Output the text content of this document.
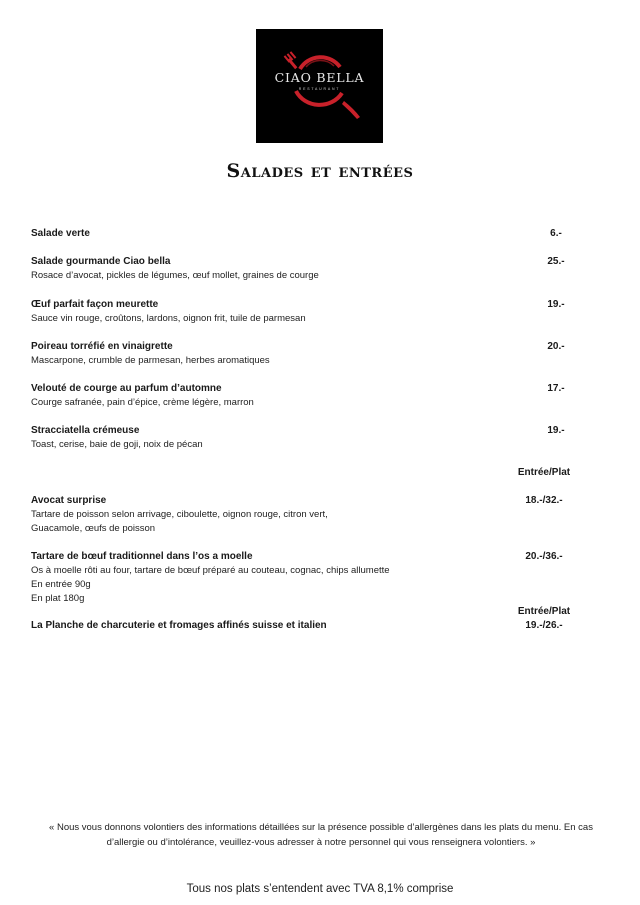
CIAO BELLA
RESTAURANT
Salades et entrées
Salade verte	6.-
Salade gourmande Ciao bella
Rosace d’avocat, pickles de légumes, œuf mollet, graines de courge
25.-
Œuf parfait façon meurette
Sauce vin rouge, croûtons, lardons, oignon frit, tuile de parmesan
19.-
Poireau torréfié en vinaigrette
Mascarpone, crumble de parmesan, herbes aromatiques
20.-
Velouté de courge au parfum d’automne
Courge safranée, pain d’épice, crème légère, marron
17.-
Stracciatella crémeuse
Toast, cerise, baie de goji, noix de pécan
19.-
Entrée/Plat
Avocat surprise
Tartare de poisson selon arrivage, ciboulette, oignon rouge, citron vert,
Guacamole, œufs de poisson
18.-/32.-
Tartare de bœuf traditionnel dans l’os a moelle
Os à moelle rôti au four, tartare de bœuf préparé au couteau, cognac, chips allumette
En entrée 90g
En plat 180g
20.-/36.-
Entrée/Plat
La Planche de charcuterie et fromages affinés suisse et italien	19.-/26.-
« Nous vous donnons volontiers des informations détaillées sur la présence possible d’allergènes dans les plats du menu. En cas d’allergie ou d’intolérance, veuillez-vous adresser à notre personnel qui vous renseignera volontiers. »
Tous nos plats s’entendent avec TVA 8,1% comprise
